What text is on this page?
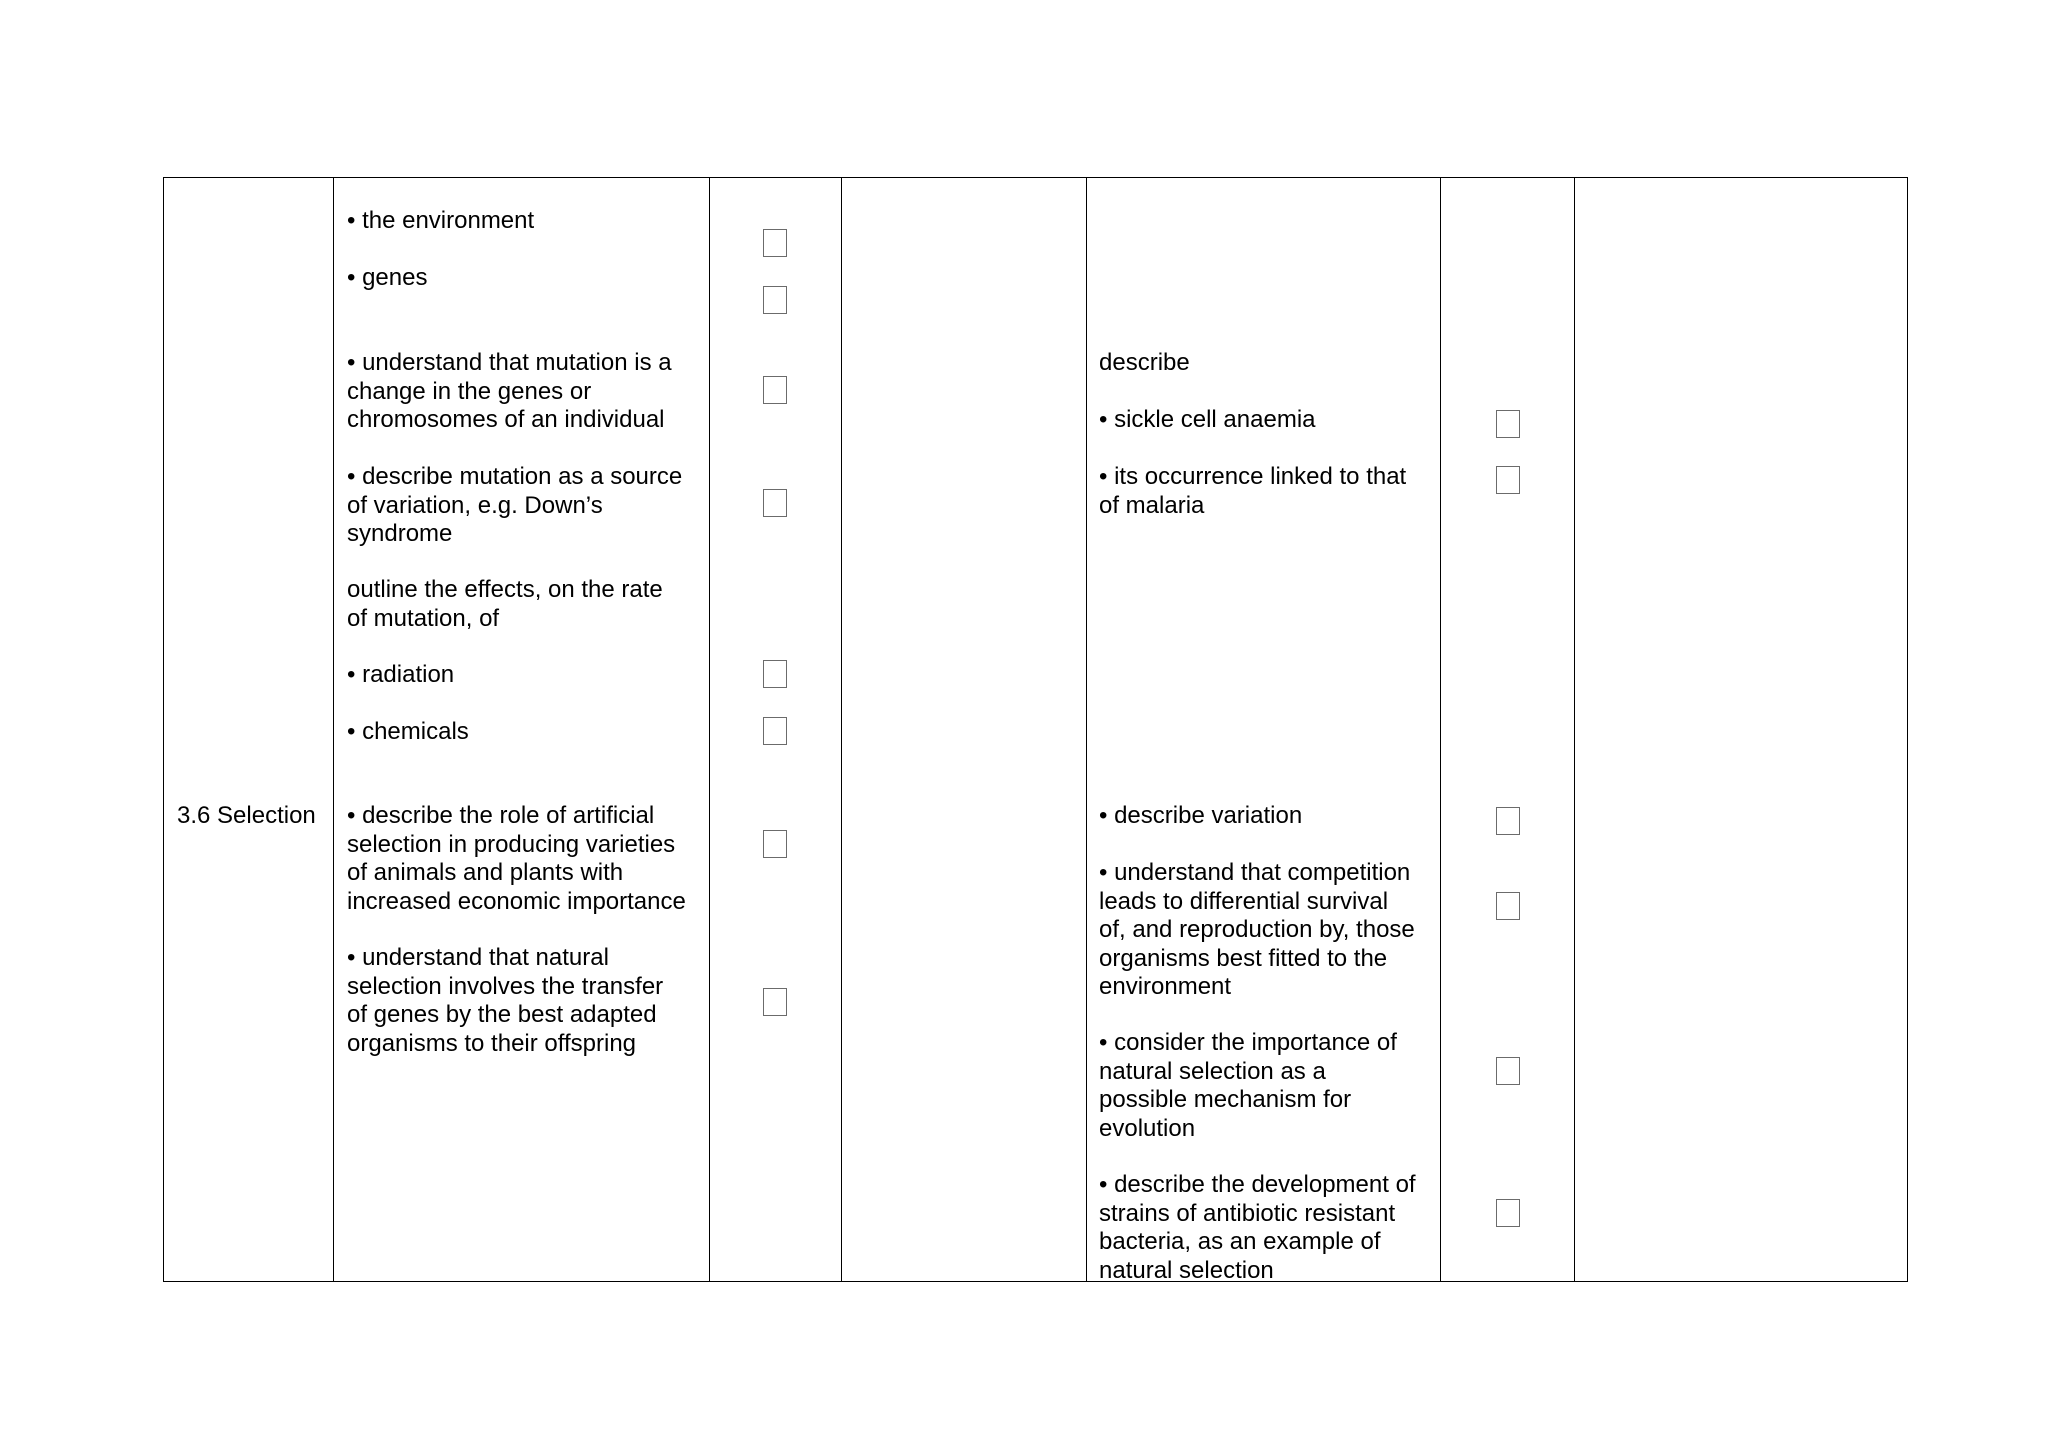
3.6 Selection

• the environment

• genes

• understand that mutation is a
change in the genes or
chromosomes of an individual

• describe mutation as a source
of variation, e.g. Down’s
syndrome

outline the effects, on the rate
of mutation, of

• radiation

• chemicals

• describe the role of artificial
selection in producing varieties
of animals and plants with
increased economic importance

• understand that natural
selection involves the transfer
of genes by the best adapted
organisms to their offspring

describe

• sickle cell anaemia

• its occurrence linked to that
of malaria

• describe variation

• understand that competition
leads to differential survival
of, and reproduction by, those
organisms best fitted to the
environment

• consider the importance of
natural selection as a
possible mechanism for
evolution

• describe the development of
strains of antibiotic resistant
bacteria, as an example of
natural selection
